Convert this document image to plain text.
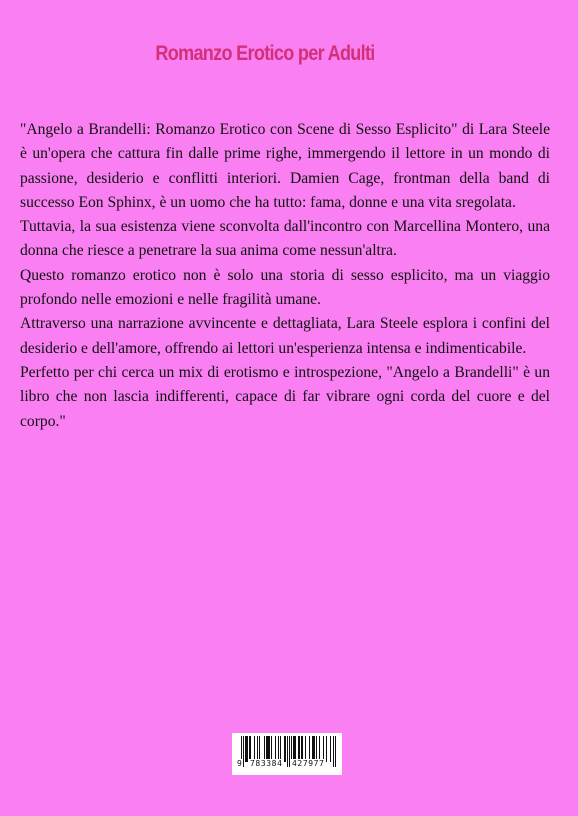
Romanzo Erotico per Adulti

"Angelo a Brandelli: Romanzo Erotico con Scene di Sesso Esplicito" di Lara Steele è un'opera che cattura fin dalle prime righe, immergendo il lettore in un mondo di passione, desiderio e conflitti interiori. Damien Cage, frontman della band di successo Eon Sphinx, è un uomo che ha tutto: fama, donne e una vita sregolata.

Tuttavia, la sua esistenza viene sconvolta dall'incontro con Marcellina Montero, una donna che riesce a penetrare la sua anima come nessun'altra.

Questo romanzo erotico non è solo una storia di sesso esplicito, ma un viaggio profondo nelle emozioni e nelle fragilità umane.

Attraverso una narrazione avvincente e dettagliata, Lara Steele esplora i confini del desiderio e dell'amore, offrendo ai lettori un'esperienza intensa e indimenticabile.

Perfetto per chi cerca un mix di erotismo e introspezione, "Angelo a Brandelli" è un libro che non lascia indifferenti, capace di far vibrare ogni corda del cuore e del corpo."

9 783384 427977
